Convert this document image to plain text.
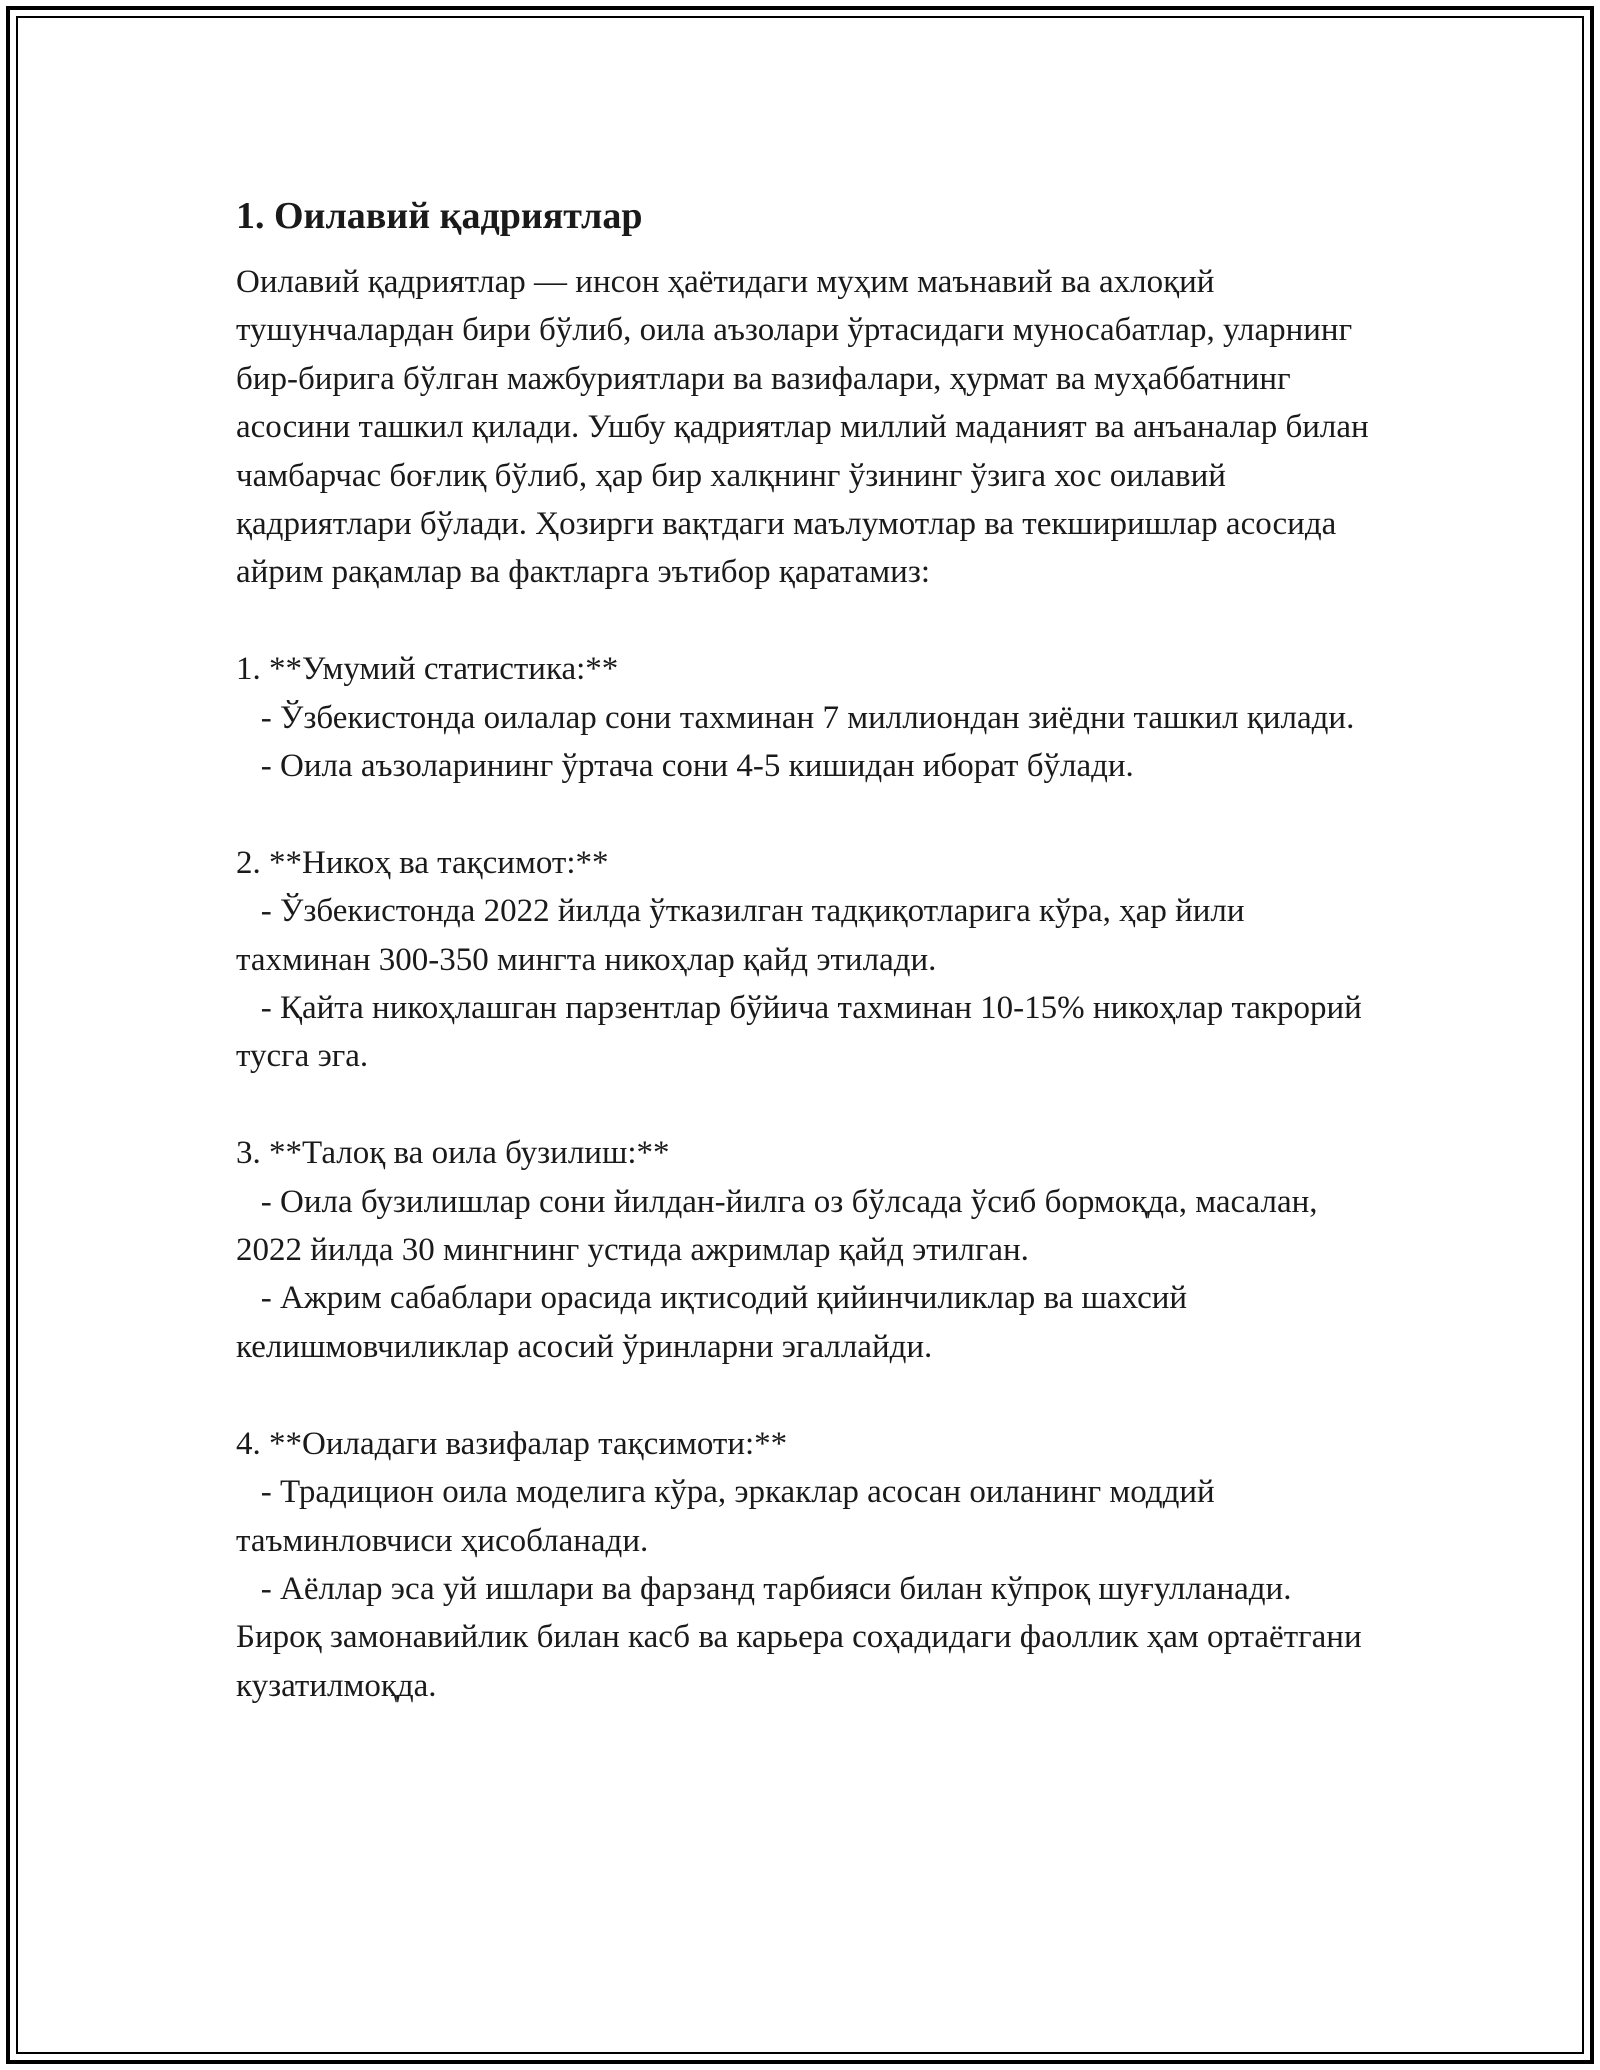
1. Оилавий қадриятлар

Оилавий қадриятлар — инсон ҳаётидаги муҳим маънавий ва ахлоқий тушунчалардан бири бўлиб, оила аъзолари ўртасидаги муносабатлар, уларнинг бир-бирига бўлган мажбуриятлари ва вазифалари, ҳурмат ва муҳаббатнинг асосини ташкил қилади. Ушбу қадриятлар миллий маданият ва анъаналар билан чамбарчас боғлиқ бўлиб, ҳар бир халқнинг ўзининг ўзига хос оилавий қадриятлари бўлади. Ҳозирги вақтдаги маълумотлар ва текширишлар асосида айрим рақамлар ва фактларга эътибор қаратамиз:

1. **Умумий статистика:**
- Ўзбекистонда оилалар сони тахминан 7 миллиондан зиёдни ташкил қилади.
- Оила аъзоларининг ўртача сони 4-5 кишидан иборат бўлади.
2. **Никоҳ ва тақсимот:**
- Ўзбекистонда 2022 йилда ўтказилган тадқиқотларига кўра, ҳар йили тахминан 300-350 мингта никоҳлар қайд этилади.
- Қайта никоҳлашган парзентлар бўйича тахминан 10-15% никоҳлар такрорий тусга эга.
3. **Талоқ ва оила бузилиш:**
- Оила бузилишлар сони йилдан-йилга оз бўлсада ўсиб бормоқда, масалан, 2022 йилда 30 мингнинг устида ажримлар қайд этилган.
- Ажрим сабаблари орасида иқтисодий қийинчиликлар ва шахсий келишмовчиликлар асосий ўринларни эгаллайди.
4. **Оиладаги вазифалар тақсимоти:**
- Традицион оила моделига кўра, эркаклар асосан оиланинг моддий таъминловчиси ҳисобланади.
- Аёллар эса уй ишлари ва фарзанд тарбияси билан кўпроқ шуғулланади. Бироқ замонавийлик билан касб ва карьера соҳадидаги фаоллик ҳам ортаётгани кузатилмоқда.
